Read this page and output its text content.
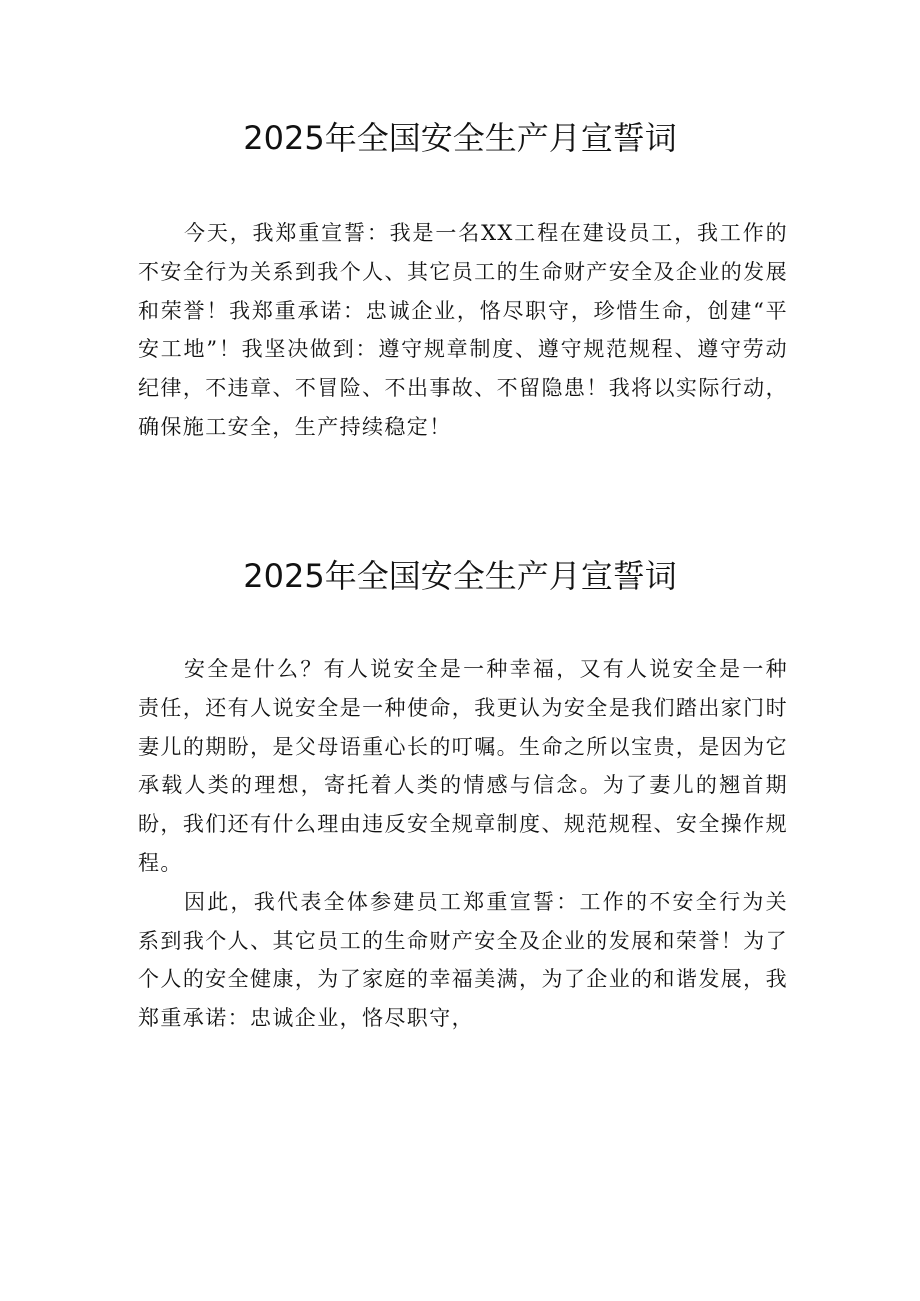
2025年全国安全生产月宣誓词

今天，我郑重宣誓：我是一名XX工程在建设员工，我工作的不安全行为关系到我个人、其它员工的生命财产安全及企业的发展和荣誉！我郑重承诺：忠诚企业，恪尽职守，珍惜生命，创建“平安工地”！我坚决做到：遵守规章制度、遵守规范规程、遵守劳动纪律，不违章、不冒险、不出事故、不留隐患！我将以实际行动，确保施工安全，生产持续稳定！

2025年全国安全生产月宣誓词

安全是什么？有人说安全是一种幸福，又有人说安全是一种责任，还有人说安全是一种使命，我更认为安全是我们踏出家门时妻儿的期盼，是父母语重心长的叮嘱。生命之所以宝贵，是因为它承载人类的理想，寄托着人类的情感与信念。为了妻儿的翘首期盼，我们还有什么理由违反安全规章制度、规范规程、安全操作规程。

因此，我代表全体参建员工郑重宣誓：工作的不安全行为关系到我个人、其它员工的生命财产安全及企业的发展和荣誉！为了个人的安全健康，为了家庭的幸福美满，为了企业的和谐发展，我郑重承诺：忠诚企业，恪尽职守，
